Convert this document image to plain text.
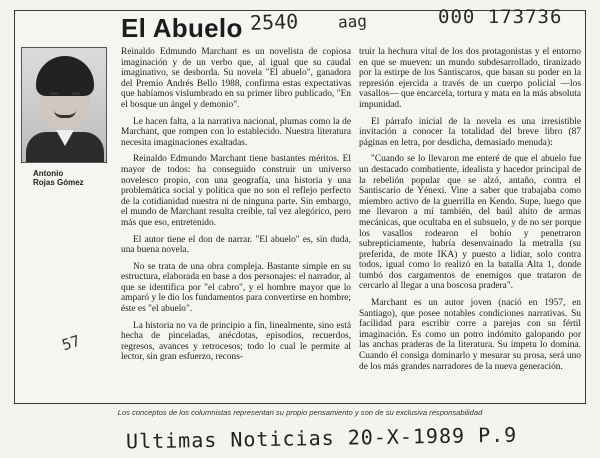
El Abuelo
Antonio
Rojas Gómez

Reinaldo Edmundo Marchant es un novelista de copiosa imaginación y de un verbo que, al igual que su caudal imaginativo, se desborda. Su novela "El abuelo", ganadora del Premio Andrés Bello 1988, confirma estas expectativas que habíamos vislumbrado en su primer libro publicado, "En el bosque un ángel y demonio".

Le hacen falta, a la narrativa nacional, plumas como la de Marchant, que rompen con lo establecido. Nuestra literatura necesita imaginaciones exaltadas.

Reinaldo Edmundo Marchant tiene bastantes méritos. El mayor de todos: ha conseguido construir un universo novelesco propio, con una geografía, una historia y una problemática social y política que no son el reflejo perfecto de la cotidianidad nuestra ni de ninguna parte. Sin embargo, el mundo de Marchant resulta creíble, tal vez alegórico, pero más que eso, entretenido.

El autor tiene el don de narrar. "El abuelo" es, sin duda, una buena novela.

No se trata de una obra compleja. Bastante simple en su estructura, elaborada en base a dos personajes: el narrador, al que se identifica por "el cabro", y el hombre mayor que lo amparó y le dio los fundamentos para convertirse en hombre; éste es "el abuelo".

La historia no va de principio a fin, linealmente, sino está hecha de pinceladas, anécdotas, episodios, recuerdos, regresos, avances y retrocesos; todo lo cual le permite al lector, sin gran esfuerzo, recons-

truir la hechura vital de los dos protagonistas y el entorno en que se mueven: un mundo subdesarrollado, tiranizado por la estirpe de los Santiscaros, que basan su poder en la represión ejercida a través de un cuerpo policial —los vasallos— que encarcela, tortura y mata en la más absoluta impunidad.

El párrafo inicial de la novela es una irresistible invitación a conocer la totalidad del breve libro (87 páginas en letra, por desdicha, demasiado menuda):

"Cuando se lo llevaron me enteré de que el abuelo fue un destacado combatiente, idealista y hacedor principal de la rebelión popular que se alzó, antaño, contra el Santiscario de Yénexi. Vine a saber que trabajaba como miembro activo de la guerrilla en Kendo. Supe, luego que me llevaron a mí también, del baúl ahíto de armas mecánicas, que ocultaba en el subsuelo, y de no ser porque los vasallos rodearon el bohío y penetraron subrepticiamente, habría desenvainado la metralla (su preferida, de mote IKA) y puesto a lidiar, solo contra todos, igual como lo realizó en la batalla Alta 1, donde tumbó dos cargamentos de enemigos que trataron de cercarlo al llegar a una boscosa pradera".

Marchant es un autor joven (nació en 1957, en Santiago), que posee notables condiciones narrativas. Su facilidad para escribir corre a parejas con su fértil imaginación. Es como un potro indómito galopando por las anchas praderas de la literatura. Su ímpetu lo domina. Cuando él consiga dominarlo y mesurar su prosa, será uno de los más grandes narradores de la nueva generación.

2540 aag	000 173736
57
Los conceptos de los columnistas representan su propio pensamiento y son de su exclusiva responsabilidad
Ultimas Noticias 20-X-1989 P.9
